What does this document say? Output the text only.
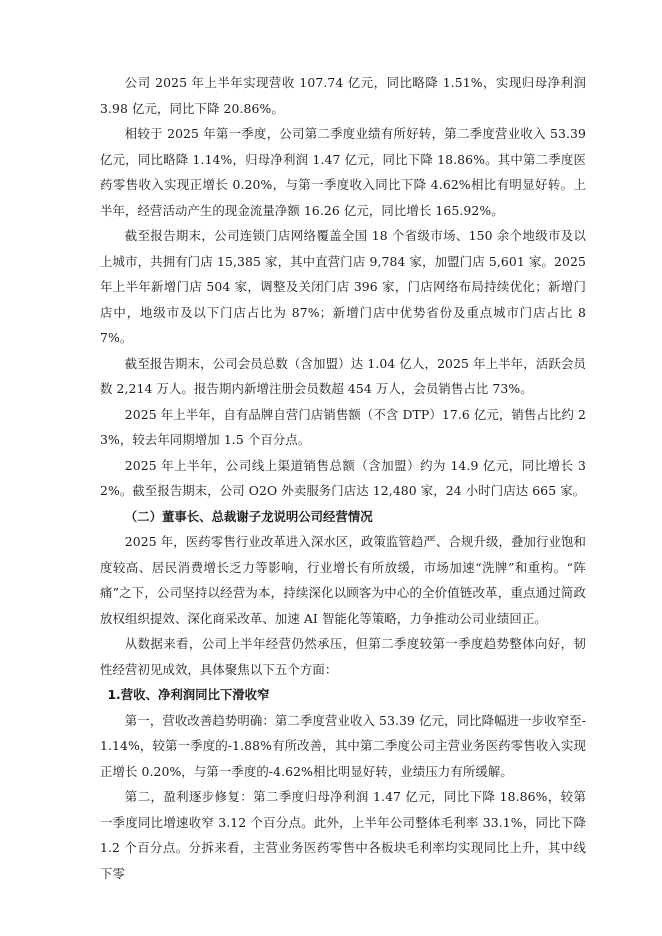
公司 2025 年上半年实现营收 107.74 亿元，同比略降 1.51%，实现归母净利润 3.98 亿元，同比下降 20.86%。

相较于 2025 年第一季度，公司第二季度业绩有所好转，第二季度营业收入 53.39 亿元，同比略降 1.14%，归母净利润 1.47 亿元，同比下降 18.86%。其中第二季度医药零售收入实现正增长 0.20%，与第一季度收入同比下降 4.62%相比有明显好转。上半年，经营活动产生的现金流量净额 16.26 亿元，同比增长 165.92%。

截至报告期末，公司连锁门店网络覆盖全国 18 个省级市场、150 余个地级市及以上城市，共拥有门店 15,385 家，其中直营门店 9,784 家，加盟门店 5,601 家。2025 年上半年新增门店 504 家，调整及关闭门店 396 家，门店网络布局持续优化；新增门店中，地级市及以下门店占比为 87%；新增门店中优势省份及重点城市门店占比 87%。

截至报告期末，公司会员总数（含加盟）达 1.04 亿人，2025 年上半年，活跃会员数 2,214 万人。报告期内新增注册会员数超 454 万人，会员销售占比 73%。

2025 年上半年，自有品牌自营门店销售额（不含 DTP）17.6 亿元，销售占比约 23%，较去年同期增加 1.5 个百分点。

2025 年上半年，公司线上渠道销售总额（含加盟）约为 14.9 亿元，同比增长 32%。截至报告期末，公司 O2O 外卖服务门店达 12,480 家，24 小时门店达 665 家。

（二）董事长、总裁谢子龙说明公司经营情况

2025 年，医药零售行业改革进入深水区，政策监管趋严、合规升级，叠加行业饱和度较高、居民消费增长乏力等影响，行业增长有所放缓，市场加速“洗牌”和重构。“阵痛”之下，公司坚持以经营为本，持续深化以顾客为中心的全价值链改革，重点通过简政放权组织提效、深化商采改革、加速 AI 智能化等策略，力争推动公司业绩回正。

从数据来看，公司上半年经营仍然承压，但第二季度较第一季度趋势整体向好，韧性经营初见成效，具体聚焦以下五个方面：

1.营收、净利润同比下滑收窄

第一，营收改善趋势明确：第二季度营业收入 53.39 亿元，同比降幅进一步收窄至-1.14%，较第一季度的-1.88%有所改善，其中第二季度公司主营业务医药零售收入实现正增长 0.20%，与第一季度的-4.62%相比明显好转，业绩压力有所缓解。

第二，盈利逐步修复：第二季度归母净利润 1.47 亿元，同比下降 18.86%，较第一季度同比增速收窄 3.12 个百分点。此外，上半年公司整体毛利率 33.1%，同比下降 1.2 个百分点。分拆来看，主营业务医药零售中各板块毛利率均实现同比上升，其中线下零
